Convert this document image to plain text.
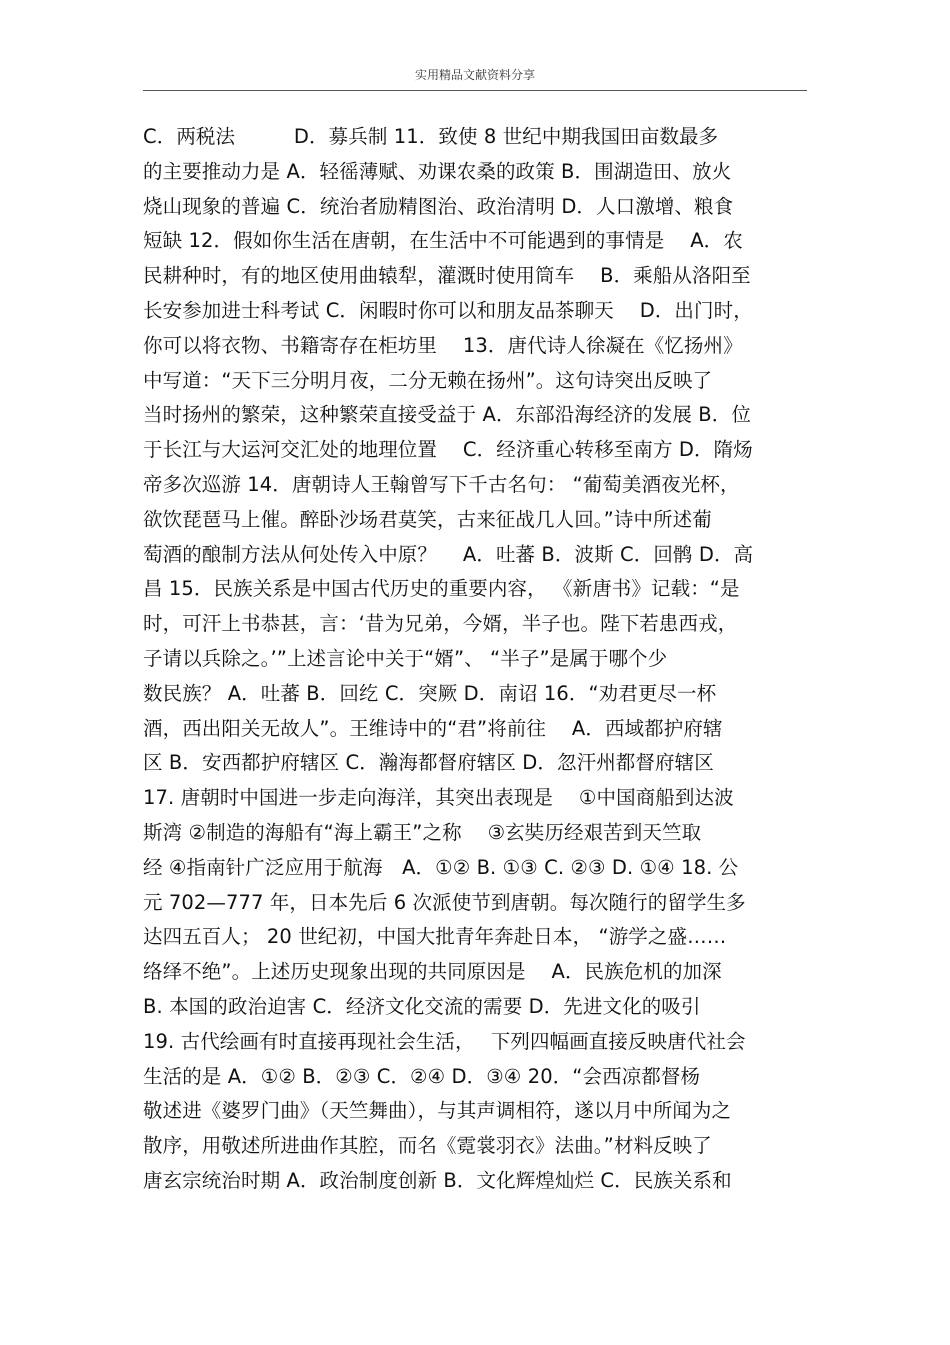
实用精品文献资料分享
C．两税法　　　D．募兵制 11．致使 8 世纪中期我国田亩数最多
的主要推动力是 A．轻徭薄赋、劝课农桑的政策 B．围湖造田、放火
烧山现象的普遍 C．统治者励精图治、政治清明 D．人口激增、粮食
短缺 12．假如你生活在唐朝，在生活中不可能遇到的事情是　 A．农
民耕种时，有的地区使用曲辕犁，灌溉时使用筒车　 B．乘船从洛阳至
长安参加进士科考试 C．闲暇时你可以和朋友品茶聊天　 D．出门时，
你可以将衣物、书籍寄存在柜坊里　 13．唐代诗人徐凝在《忆扬州》
中写道：“天下三分明月夜，二分无赖在扬州”。这句诗突出反映了
当时扬州的繁荣，这种繁荣直接受益于 A．东部沿海经济的发展 B．位
于长江与大运河交汇处的地理位置　 C．经济重心转移至南方 D．隋炀
帝多次巡游 14．唐朝诗人王翰曾写下千古名句： “葡萄美酒夜光杯，
欲饮琵琶马上催。醉卧沙场君莫笑，古来征战几人回。”诗中所述葡
萄酒的酿制方法从何处传入中原？　 A．吐蕃 B．波斯 C．回鹘 D．高
昌 15．民族关系是中国古代历史的重要内容， 《新唐书》记载：“是
时，可汗上书恭甚，言：‘昔为兄弟，今婿，半子也。陛下若患西戎，
子请以兵除之。’”上述言论中关于“婿”、 “半子”是属于哪个少
数民族？ A．吐蕃 B．回纥 C．突厥 D．南诏 16．“劝君更尽一杯
酒，西出阳关无故人”。王维诗中的“君”将前往　 A．西域都护府辖
区 B．安西都护府辖区 C．瀚海都督府辖区 D．忽汗州都督府辖区
17. 唐朝时中国进一步走向海洋，其突出表现是　 ①中国商船到达波
斯湾 ②制造的海船有“海上霸王”之称　 ③玄奘历经艰苦到天竺取
经 ④指南针广泛应用于航海　A．①② B. ①③ C. ②③ D. ①④ 18. 公
元 702—777 年，日本先后 6 次派使节到唐朝。每次随行的留学生多
达四五百人； 20 世纪初，中国大批青年奔赴日本， “游学之盛……
络绎不绝”。上述历史现象出现的共同原因是　 A．民族危机的加深
B. 本国的政治迫害 C．经济文化交流的需要 D．先进文化的吸引
19. 古代绘画有时直接再现社会生活，　 下列四幅画直接反映唐代社会
生活的是 A．①② B．②③ C．②④ D．③④ 20．“会西凉都督杨
敬述进《婆罗门曲》（天竺舞曲），与其声调相符，遂以月中所闻为之
散序，用敬述所进曲作其腔，而名《霓裳羽衣》法曲。”材料反映了
唐玄宗统治时期 A．政治制度创新 B．文化辉煌灿烂 C．民族关系和
